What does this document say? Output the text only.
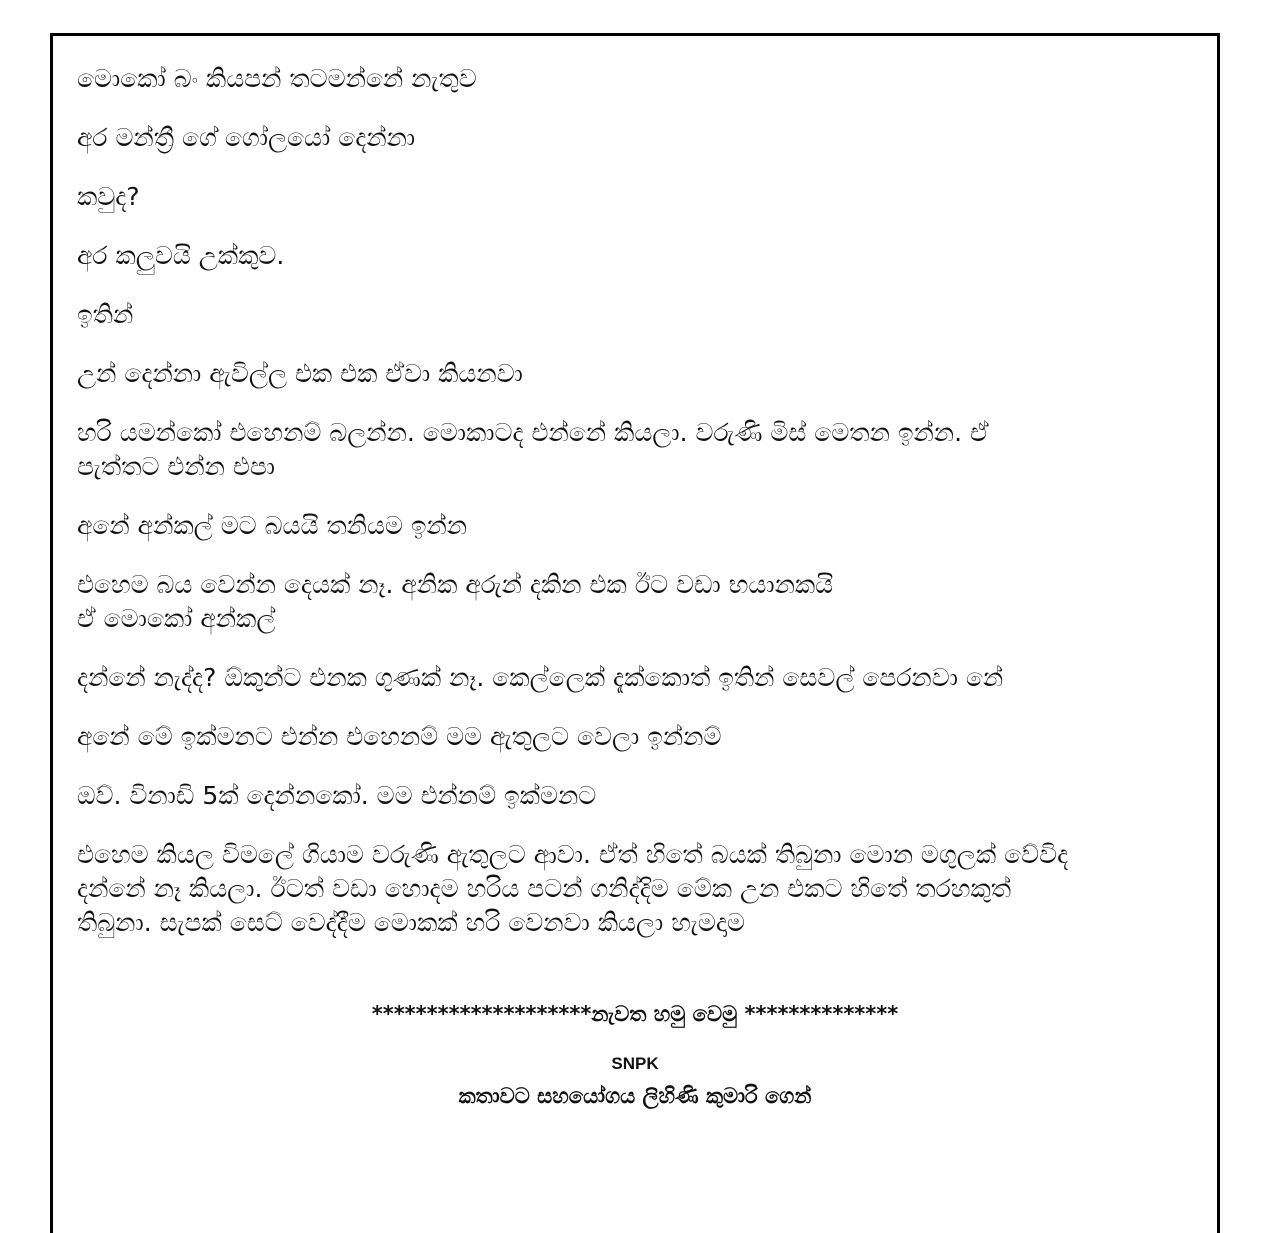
මොකෝ බං කියපන් තටමන්නේ නැතුව

අර මන්ත්‍රී ගේ ගෝලයෝ දෙන්නා

කවුද?

අර කලුවයි උක්කුව.

ඉතින්

උන් දෙන්නා ඇවිල්ල එක එක ඒවා කියනවා

හරි යමන්කෝ එහෙනම් බලන්න. මොකාටද එන්නේ කියලා. වරුණි මිස් මෙතන ඉන්න. ඒ
පැත්තට එන්න එපා

අනේ අන්කල් මට බයයි තනියම ඉන්න

එහෙම බය වෙන්න දෙයක් නෑ. අනික අරුන් දකින එක ඊට වඩා භයානකයි
ඒ මොකෝ අන්කල්

දන්නේ නැද්ද? ඕකුන්ට එනක ගුණක් නෑ. කෙල්ලෙක් දැක්කොත් ඉතින් සෙවල් පෙරනවා නේ

අනේ මේ ඉක්මනට එන්න එහෙනම් මම ඇතුලට වෙලා ඉන්නම්

ඔව්. විනාඩි 5ක් දෙන්නකෝ. මම එන්නම් ඉක්මනට

එහෙම කියල විමලේ ගියාම වරුණි ඇතුලට ආවා. ඒත් හිතේ බයක් තිබුනා මොන මගුලක් වේවිද
දන්නේ නෑ කියලා. ඊටත් වඩා හොදම හරිය පටන් ගනිද්දිම මේක උන එකට හිතේ තරහකුත්
තිබුනා. සැපක් සෙට් වෙද්දීම මොකක් හරි වෙනවා කියලා හැමදාම

********************නැවත හමු වෙමු **************

SNPK

කතාවට සහයෝගය ලිහිණි කුමාරි ගෙන්
